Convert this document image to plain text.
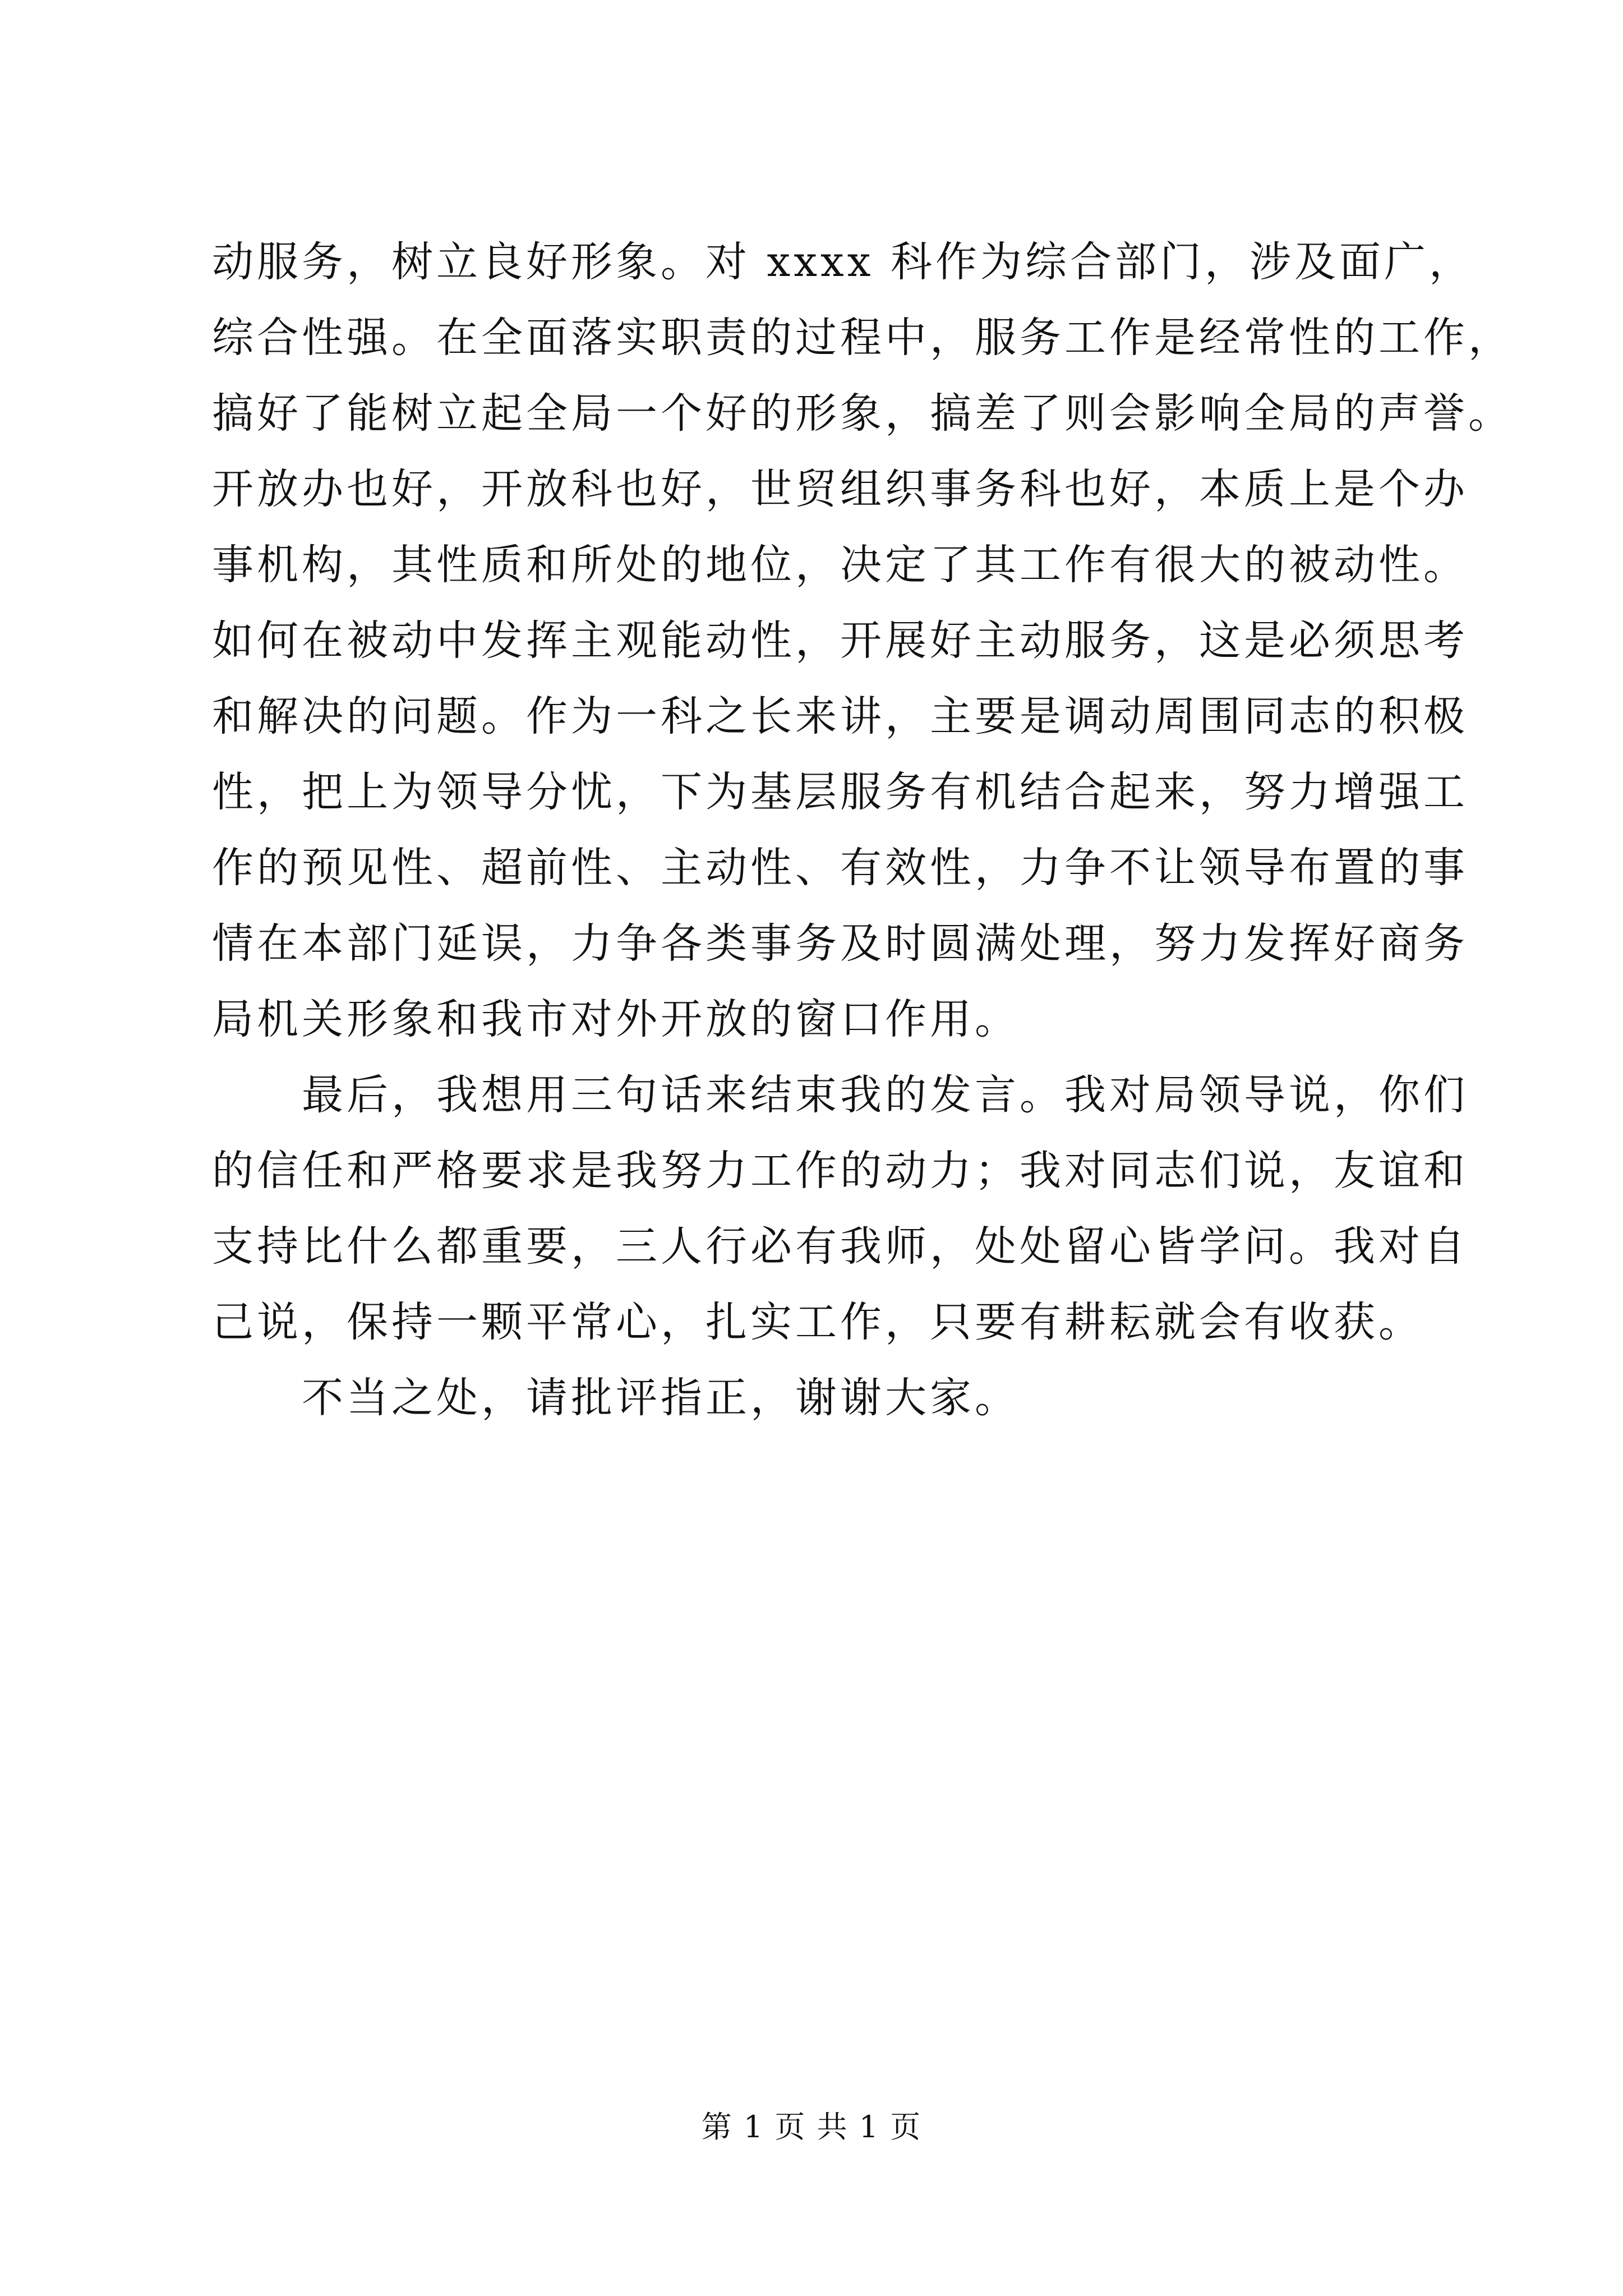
动服务，树立良好形象。对 xxxx 科作为综合部门，涉及面广，
综合性强。在全面落实职责的过程中，服务工作是经常性的工作，
搞好了能树立起全局一个好的形象，搞差了则会影响全局的声誉。
开放办也好，开放科也好，世贸组织事务科也好，本质上是个办
事机构，其性质和所处的地位，决定了其工作有很大的被动性。
如何在被动中发挥主观能动性，开展好主动服务，这是必须思考
和解决的问题。作为一科之长来讲，主要是调动周围同志的积极
性，把上为领导分忧，下为基层服务有机结合起来，努力增强工
作的预见性、超前性、主动性、有效性，力争不让领导布置的事
情在本部门延误，力争各类事务及时圆满处理，努力发挥好商务
局机关形象和我市对外开放的窗口作用。
　　最后，我想用三句话来结束我的发言。我对局领导说，你们
的信任和严格要求是我努力工作的动力；我对同志们说，友谊和
支持比什么都重要，三人行必有我师，处处留心皆学问。我对自
己说，保持一颗平常心，扎实工作，只要有耕耘就会有收获。
　　不当之处，请批评指正，谢谢大家。
第 1 页 共 1 页
